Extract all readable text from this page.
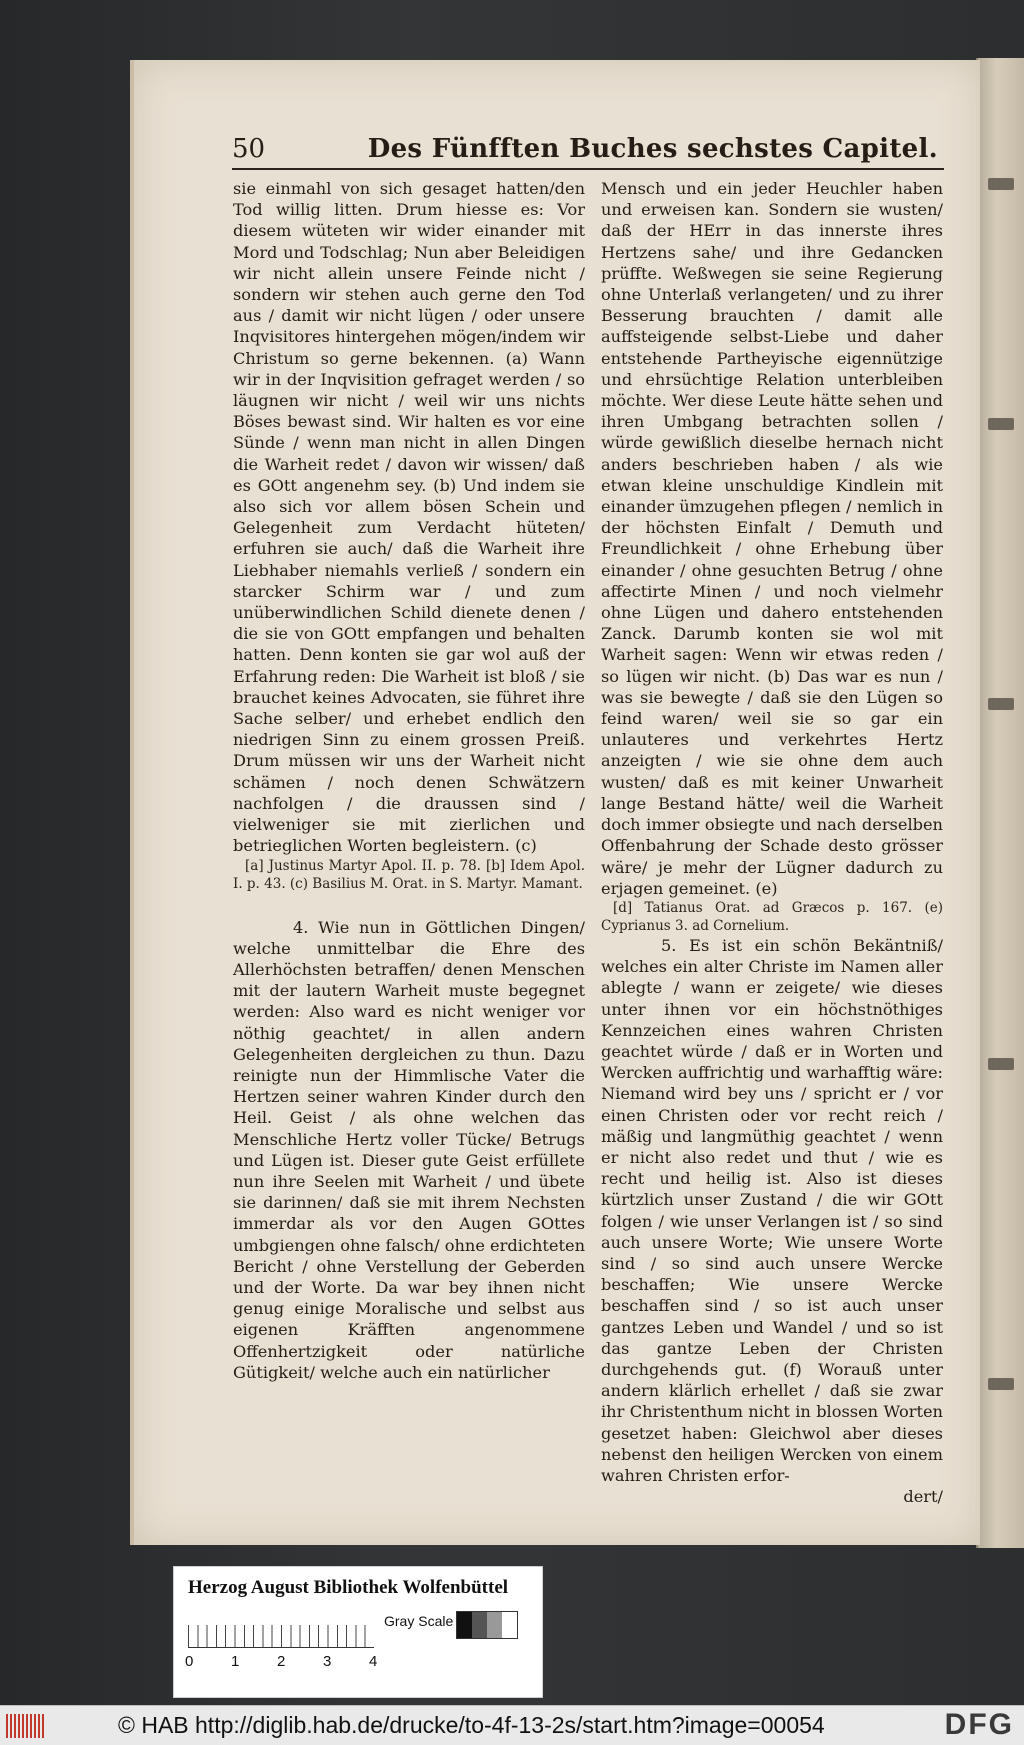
50	Des Fünfften Buches sechstes Capitel.

sie einmahl von sich gesaget hatten/den Tod willig litten. Drum hiesse es: Vor diesem wüteten wir wider einander mit Mord und Todschlag; Nun aber Beleidigen wir nicht allein unsere Feinde nicht / sondern wir stehen auch gerne den Tod aus / damit wir nicht lügen / oder unsere Inqvisitores hintergehen mögen/indem wir Christum so gerne bekennen. (a) Wann wir in der Inqvisition gefraget werden / so läugnen wir nicht / weil wir uns nichts Böses bewast sind. Wir halten es vor eine Sünde / wenn man nicht in allen Dingen die Warheit redet / davon wir wissen/ daß es GOtt angenehm sey. (b) Und indem sie also sich vor allem bösen Schein und Gelegenheit zum Verdacht hüteten/ erfuhren sie auch/ daß die Warheit ihre Liebhaber niemahls verließ / sondern ein starcker Schirm war / und zum unüberwindlichen Schild dienete denen / die sie von GOtt empfangen und behalten hatten. Denn konten sie gar wol auß der Erfahrung reden: Die Warheit ist bloß / sie brauchet keines Advocaten, sie führet ihre Sache selber/ und erhebet endlich den niedrigen Sinn zu einem grossen Preiß. Drum müssen wir uns der Warheit nicht schämen / noch denen Schwätzern nachfolgen / die draussen sind / vielweniger sie mit zierlichen und betrieglichen Worten begleistern. (c)

[a] Justinus Martyr Apol. II. p. 78. [b] Idem Apol. I. p. 43. (c) Basilius M. Orat. in S. Martyr. Mamant.

4. Wie nun in Göttlichen Dingen/ welche unmittelbar die Ehre des Allerhöchsten betraffen/ denen Menschen mit der lautern Warheit muste begegnet werden: Also ward es nicht weniger vor nöthig geachtet/ in allen andern Gelegenheiten dergleichen zu thun. Dazu reinigte nun der Himmlische Vater die Hertzen seiner wahren Kinder durch den Heil. Geist / als ohne welchen das Menschliche Hertz voller Tücke/ Betrugs und Lügen ist. Dieser gute Geist erfüllete nun ihre Seelen mit Warheit / und übete sie darinnen/ daß sie mit ihrem Nechsten immerdar als vor den Augen GOttes umbgiengen ohne falsch/ ohne erdichteten Bericht / ohne Verstellung der Geberden und der Worte. Da war bey ihnen nicht genug einige Moralische und selbst aus eigenen Kräfften angenommene Offenhertzigkeit oder natürliche Gütigkeit/ welche auch ein natürlicher

Mensch und ein jeder Heuchler haben und erweisen kan. Sondern sie wusten/ daß der HErr in das innerste ihres Hertzens sahe/ und ihre Gedancken prüffte. Weßwegen sie seine Regierung ohne Unterlaß verlangeten/ und zu ihrer Besserung brauchten / damit alle auffsteigende selbst-Liebe und daher entstehende Partheyische eigennützige und ehrsüchtige Relation unterbleiben möchte. Wer diese Leute hätte sehen und ihren Umbgang betrachten sollen / würde gewißlich dieselbe hernach nicht anders beschrieben haben / als wie etwan kleine unschuldige Kindlein mit einander ümzugehen pflegen / nemlich in der höchsten Einfalt / Demuth und Freundlichkeit / ohne Erhebung über einander / ohne gesuchten Betrug / ohne affectirte Minen / und noch vielmehr ohne Lügen und dahero entstehenden Zanck. Darumb konten sie wol mit Warheit sagen: Wenn wir etwas reden / so lügen wir nicht. (b) Das war es nun / was sie bewegte / daß sie den Lügen so feind waren/ weil sie so gar ein unlauteres und verkehrtes Hertz anzeigten / wie sie ohne dem auch wusten/ daß es mit keiner Unwarheit lange Bestand hätte/ weil die Warheit doch immer obsiegte und nach derselben Offenbahrung der Schade desto grösser wäre/ je mehr der Lügner dadurch zu erjagen gemeinet. (e)

[d] Tatianus Orat. ad Græcos p. 167. (e) Cyprianus 3. ad Cornelium.

5. Es ist ein schön Bekäntniß/ welches ein alter Christe im Namen aller ablegte / wann er zeigete/ wie dieses unter ihnen vor ein höchstnöthiges Kennzeichen eines wahren Christen geachtet würde / daß er in Worten und Wercken auffrichtig und warhafftig wäre: Niemand wird bey uns / spricht er / vor einen Christen oder vor recht reich / mäßig und langmüthig geachtet / wenn er nicht also redet und thut / wie es recht und heilig ist. Also ist dieses kürtzlich unser Zustand / die wir GOtt folgen / wie unser Verlangen ist / so sind auch unsere Worte; Wie unsere Worte sind / so sind auch unsere Wercke beschaffen; Wie unsere Wercke beschaffen sind / so ist auch unser gantzes Leben und Wandel / und so ist das gantze Leben der Christen durchgehends gut. (f) Worauß unter andern klärlich erhellet / daß sie zwar ihr Christenthum nicht in blossen Worten gesetzet haben: Gleichwol aber dieses nebenst den heiligen Wercken von einem wahren Christen erfor-

dert/

Herzog August Bibliothek Wolfenbüttel
0	1	2	3	4
Gray Scale
© HAB http://diglib.hab.de/drucke/to-4f-13-2s/start.htm?image=00054	DFG
